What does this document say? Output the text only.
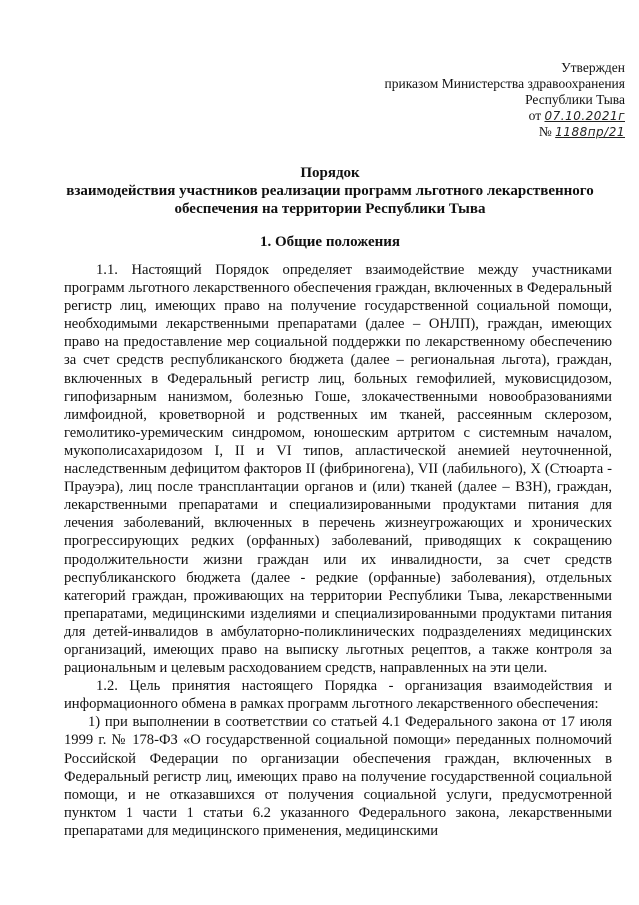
Утвержден
приказом Министерства здравоохранения
Республики Тыва
от 07.10.2021г
№ 1188пр/21
Порядок
взаимодействия участников реализации программ льготного лекарственного
обеспечения на территории Республики Тыва
1. Общие положения

1.1. Настоящий Порядок определяет взаимодействие между участниками программ льготного лекарственного обеспечения граждан, включенных в Федеральный регистр лиц, имеющих право на получение государственной социальной помощи, необходимыми лекарственными препаратами (далее – ОНЛП), граждан, имеющих право на предоставление мер социальной поддержки по лекарственному обеспечению за счет средств республиканского бюджета (далее – региональная льгота), граждан, включенных в Федеральный регистр лиц, больных гемофилией, муковисцидозом, гипофизарным нанизмом, болезнью Гоше, злокачественными новообразованиями лимфоидной, кроветворной и родственных им тканей, рассеянным склерозом, гемолитико-уремическим синдромом, юношеским артритом с системным началом, мукополисахаридозом I, II и VI типов, апластической анемией неуточненной, наследственным дефицитом факторов II (фибриногена), VII (лабильного), X (Стюарта - Прауэра), лиц после трансплантации органов и (или) тканей (далее – ВЗН), граждан, лекарственными препаратами и специализированными продуктами питания для лечения заболеваний, включенных в перечень жизнеугрожающих и хронических прогрессирующих редких (орфанных) заболеваний, приводящих к сокращению продолжительности жизни граждан или их инвалидности, за счет средств республиканского бюджета (далее - редкие (орфанные) заболевания), отдельных категорий граждан, проживающих на территории Республики Тыва, лекарственными препаратами, медицинскими изделиями и специализированными продуктами питания для детей-инвалидов в амбулаторно-поликлинических подразделениях медицинских организаций, имеющих право на выписку льготных рецептов, а также контроля за рациональным и целевым расходованием средств, направленных на эти цели.

1.2. Цель принятия настоящего Порядка - организация взаимодействия и информационного обмена в рамках программ льготного лекарственного обеспечения:

1) при выполнении в соответствии со статьей 4.1 Федерального закона от 17 июля 1999 г. № 178-ФЗ «О государственной социальной помощи» переданных полномочий Российской Федерации по организации обеспечения граждан, включенных в Федеральный регистр лиц, имеющих право на получение государственной социальной помощи, и не отказавшихся от получения социальной услуги, предусмотренной пунктом 1 части 1 статьи 6.2 указанного Федерального закона, лекарственными препаратами для медицинского применения, медицинскими
